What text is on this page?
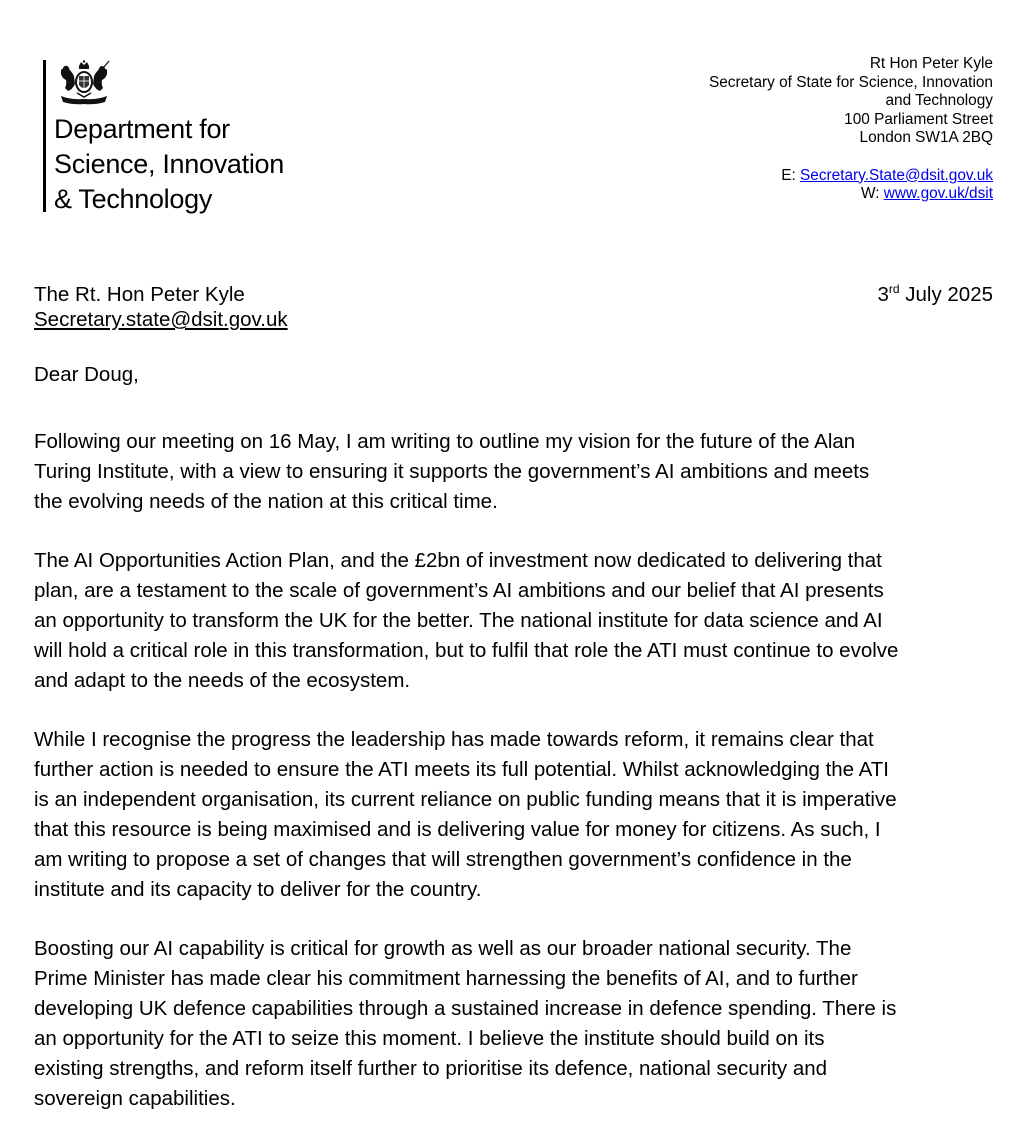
Department for
Science, Innovation
& Technology
Rt Hon Peter Kyle
Secretary of State for Science, Innovation
and Technology
100 Parliament Street
London SW1A 2BQ
E: Secretary.State@dsit.gov.uk
W: www.gov.uk/dsit
The Rt. Hon Peter Kyle
Secretary.state@dsit.gov.uk
3rd July 2025
Dear Doug,

Following our meeting on 16 May, I am writing to outline my vision for the future of the Alan
Turing Institute, with a view to ensuring it supports the government’s AI ambitions and meets
the evolving needs of the nation at this critical time.

The AI Opportunities Action Plan, and the £2bn of investment now dedicated to delivering that
plan, are a testament to the scale of government’s AI ambitions and our belief that AI presents
an opportunity to transform the UK for the better. The national institute for data science and AI
will hold a critical role in this transformation, but to fulfil that role the ATI must continue to evolve
and adapt to the needs of the ecosystem.

While I recognise the progress the leadership has made towards reform, it remains clear that
further action is needed to ensure the ATI meets its full potential. Whilst acknowledging the ATI
is an independent organisation, its current reliance on public funding means that it is imperative
that this resource is being maximised and is delivering value for money for citizens. As such, I
am writing to propose a set of changes that will strengthen government’s confidence in the
institute and its capacity to deliver for the country.

Boosting our AI capability is critical for growth as well as our broader national security. The
Prime Minister has made clear his commitment harnessing the benefits of AI, and to further
developing UK defence capabilities through a sustained increase in defence spending. There is
an opportunity for the ATI to seize this moment. I believe the institute should build on its
existing strengths, and reform itself further to prioritise its defence, national security and
sovereign capabilities.
